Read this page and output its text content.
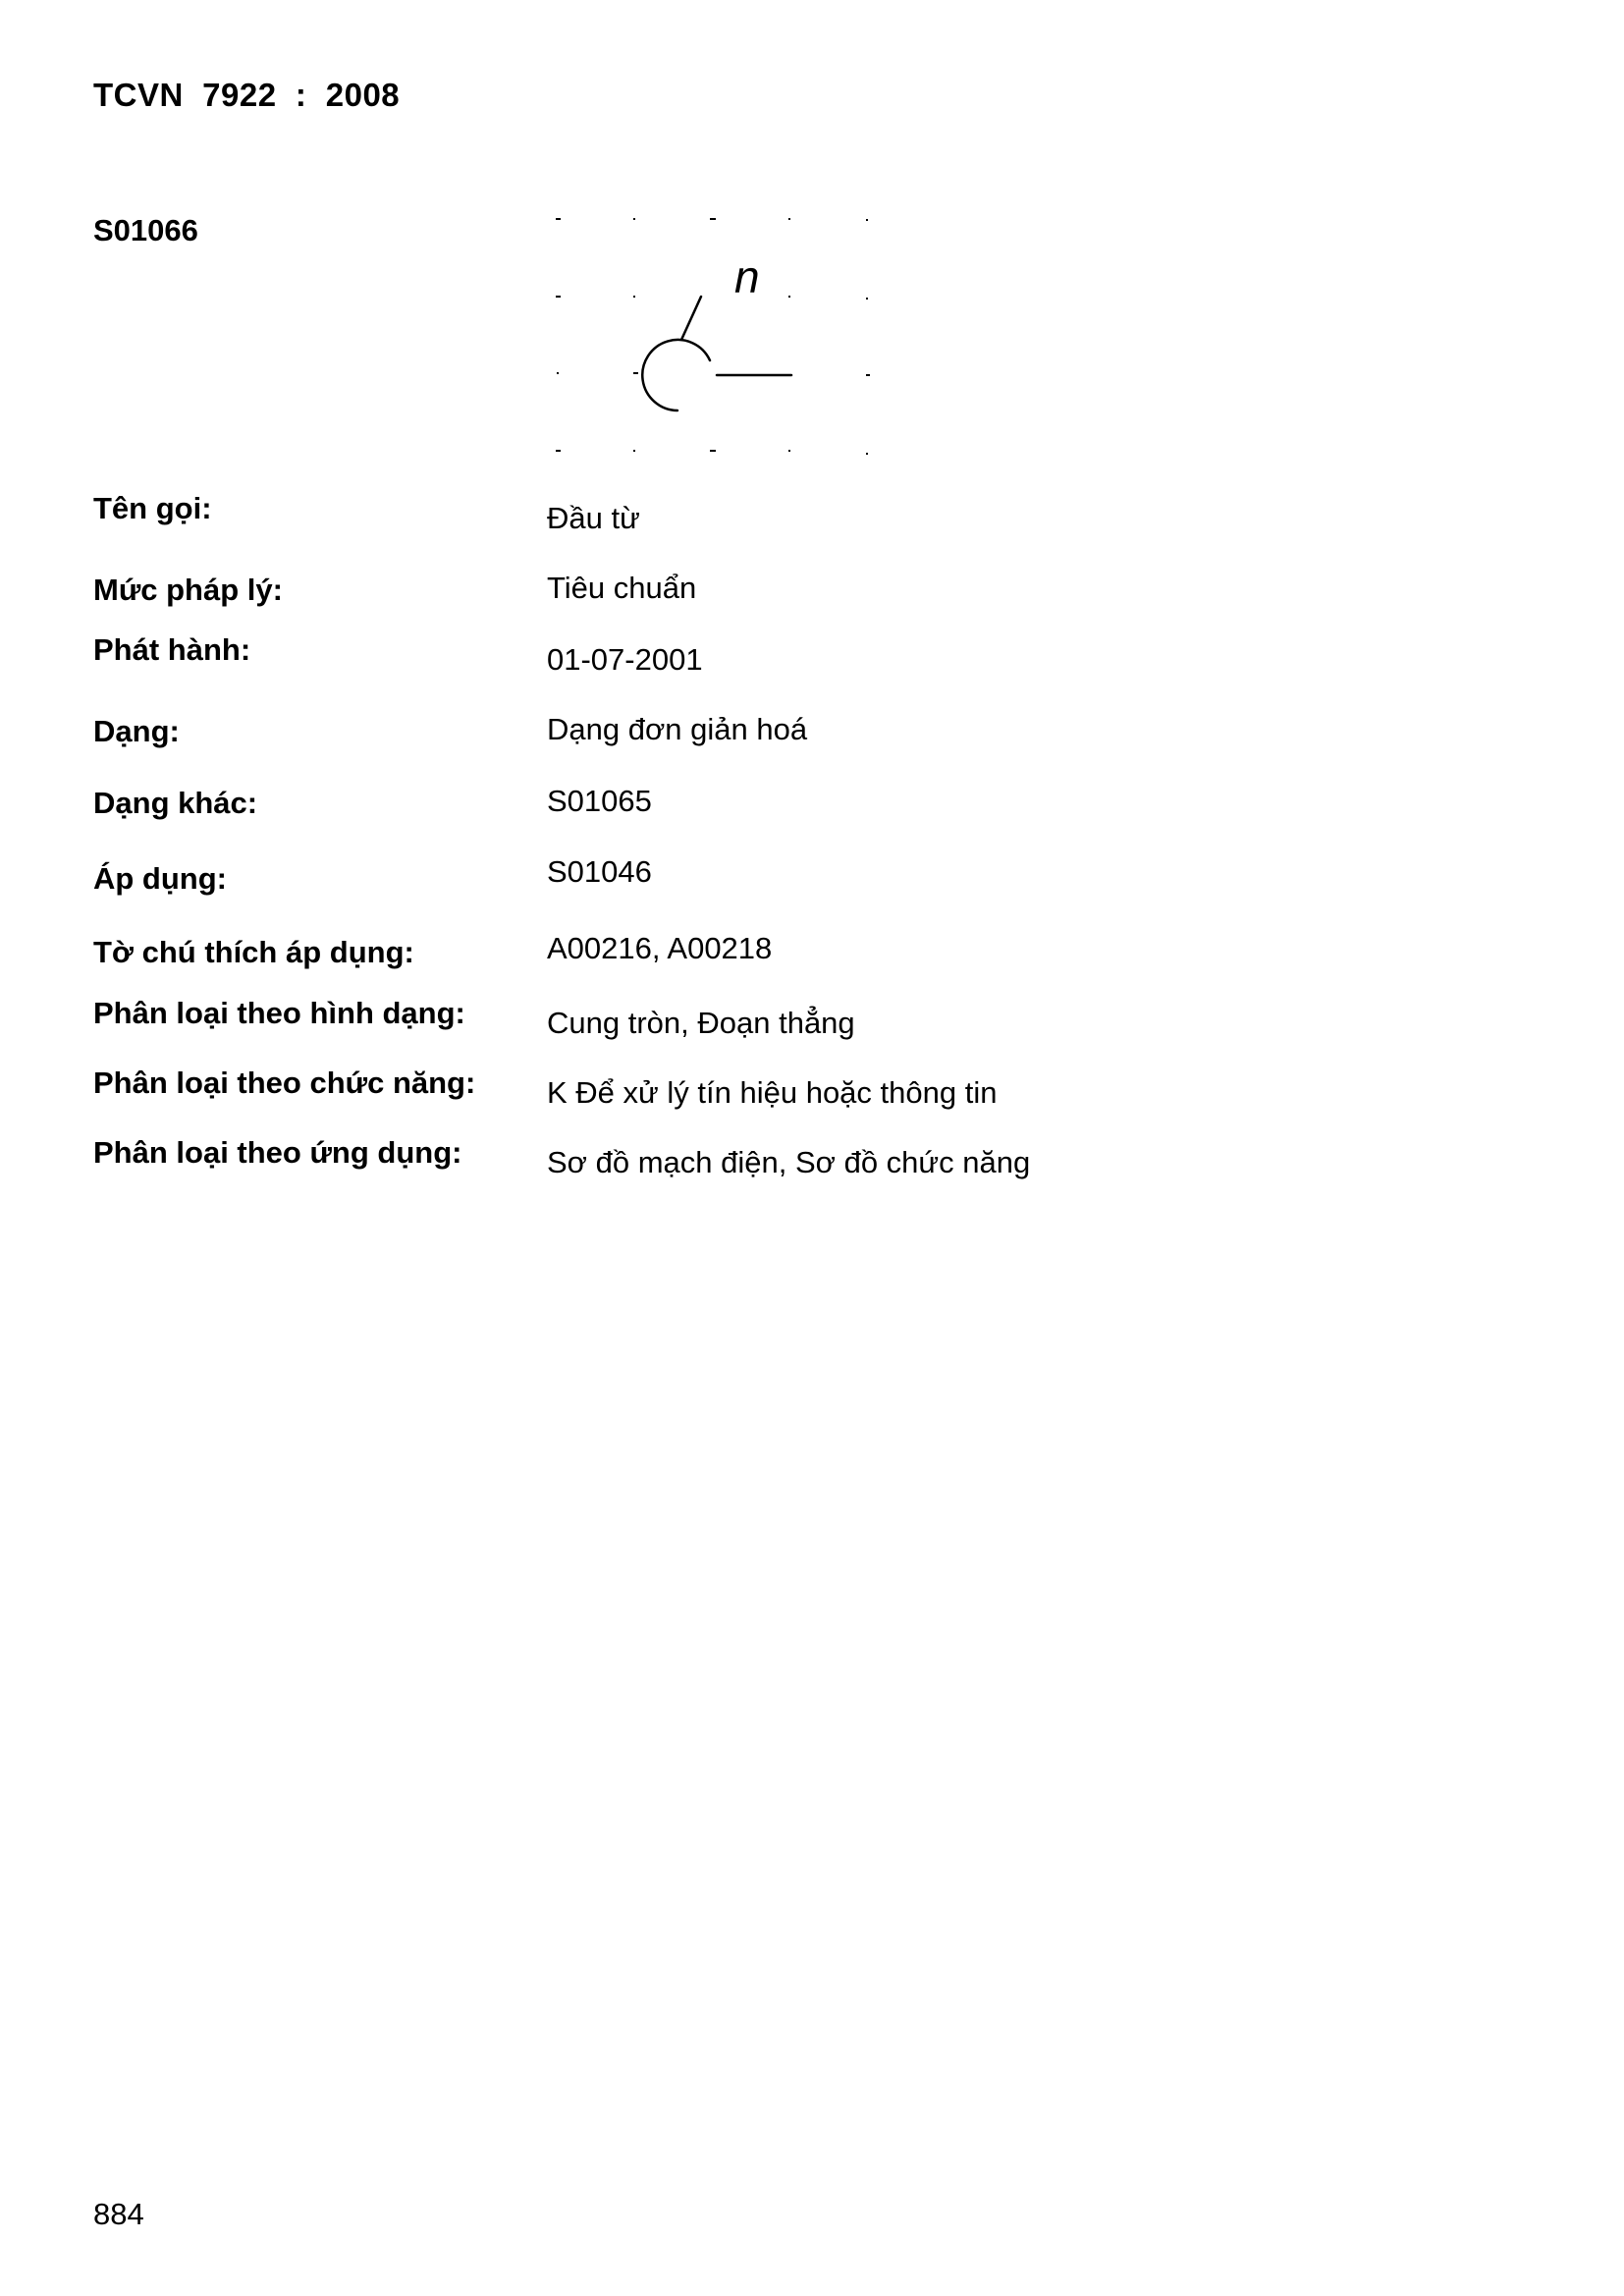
TCVN  7922  :  2008
S01066
n
Tên gọi:	Đầu từ
Mức pháp lý:	Tiêu chuẩn
Phát hành:	01-07-2001
Dạng:	Dạng đơn giản hoá
Dạng khác:	S01065
Áp dụng:	S01046
Tờ chú thích áp dụng:	A00216, A00218
Phân loại theo hình dạng:	Cung tròn, Đoạn thẳng
Phân loại theo chức năng: K Để xử lý tín hiệu hoặc thông tin
Phân loại theo ứng dụng:	Sơ đồ mạch điện, Sơ đồ chức năng
884
